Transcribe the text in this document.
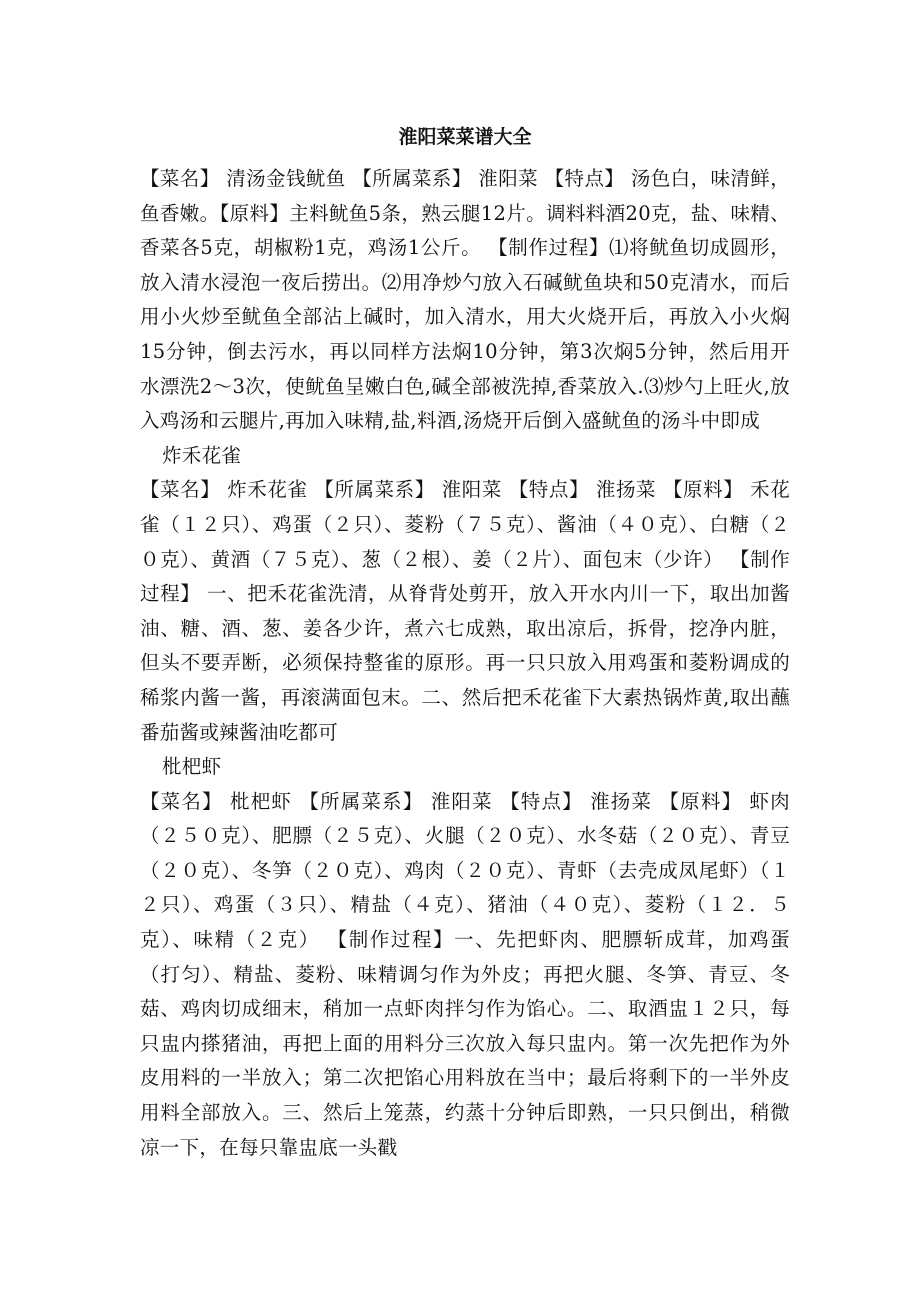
淮阳菜菜谱大全

【菜名】 清汤金钱鱿鱼 【所属菜系】 淮阳菜 【特点】 汤色白，味清鲜，鱼香嫩。【原料】主料鱿鱼5条，熟云腿12片。调料料酒20克，盐、味精、香菜各5克，胡椒粉1克，鸡汤1公斤。 【制作过程】⑴将鱿鱼切成圆形，放入清水浸泡一夜后捞出。⑵用净炒勺放入石碱鱿鱼块和50克清水，而后用小火炒至鱿鱼全部沾上碱时，加入清水，用大火烧开后，再放入小火焖15分钟，倒去污水，再以同样方法焖10分钟，第3次焖5分钟，然后用开水漂洗2～3次，使鱿鱼呈嫩白色,碱全部被洗掉,香菜放入.⑶炒勺上旺火,放入鸡汤和云腿片,再加入味精,盐,料酒,汤烧开后倒入盛鱿鱼的汤斗中即成

炸禾花雀

【菜名】 炸禾花雀 【所属菜系】 淮阳菜 【特点】 淮扬菜 【原料】 禾花雀（１２只）、鸡蛋（２只）、菱粉（７５克）、酱油（４０克）、白糖（２０克）、黄酒（７５克）、葱（２根）、姜（２片）、面包末（少许） 【制作过程】 一、把禾花雀洗清，从脊背处剪开，放入开水内川一下，取出加酱油、糖、酒、葱、姜各少许，煮六七成熟，取出凉后，拆骨，挖净内脏，但头不要弄断，必须保持整雀的原形。再一只只放入用鸡蛋和菱粉调成的稀浆内酱一酱，再滚满面包末。二、然后把禾花雀下大素热锅炸黄,取出蘸番茄酱或辣酱油吃都可

枇杷虾

【菜名】 枇杷虾 【所属菜系】 淮阳菜 【特点】 淮扬菜 【原料】 虾肉（２５０克）、肥膘（２５克）、火腿（２０克）、水冬菇（２０克）、青豆（２０克）、冬笋（２０克）、鸡肉（２０克）、青虾（去壳成凤尾虾）（１２只）、鸡蛋（３只）、精盐（４克）、猪油（４０克）、菱粉（１２．５克）、味精（２克） 【制作过程】一、先把虾肉、肥膘斩成茸，加鸡蛋（打匀）、精盐、菱粉、味精调匀作为外皮；再把火腿、冬笋、青豆、冬菇、鸡肉切成细末，稍加一点虾肉拌匀作为馅心。二、取酒盅１２只，每只盅内搽猪油，再把上面的用料分三次放入每只盅内。第一次先把作为外皮用料的一半放入；第二次把馅心用料放在当中；最后将剩下的一半外皮用料全部放入。三、然后上笼蒸，约蒸十分钟后即熟，一只只倒出，稍微凉一下，在每只靠盅底一头戳
